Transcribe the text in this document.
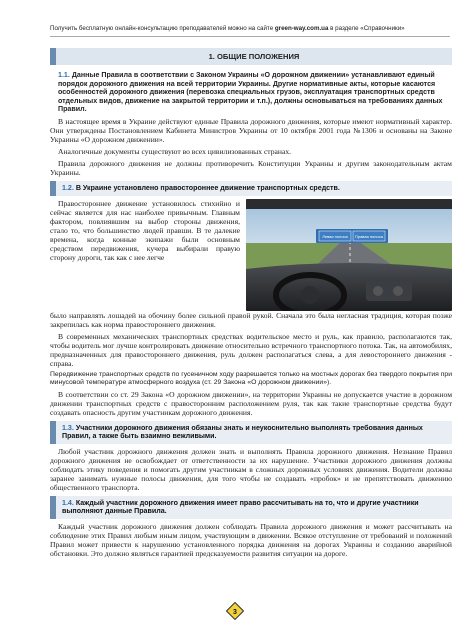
Получить бесплатную онлайн-консультацию преподавателей можно на сайте green-way.com.ua в разделе «Справочники»
1. ОБЩИЕ ПОЛОЖЕНИЯ
1.1. Данные Правила в соответствии с Законом Украины «О дорожном движении» устанавливают единый порядок дорожного движения на всей территории Украины. Другие нормативные акты, которые касаются особенностей дорожного движения (перевозка специальных грузов, эксплуатация транспортных средств отдельных видов, движение на закрытой территории и т.п.), должны основываться на требованиях данных Правил.

В настоящее время в Украине действуют единые Правила дорожного движения, которые имеют нормативный характер. Они утверждены Постановлением Кабинета Министров Украины от 10 октября 2001 года №1306 и основаны на Законе Украины «О дорожном движении».

Аналогичные документы существуют во всех цивилизованных странах.

Правила дорожного движения не должны противоречить Конституции Украины и другим законодательным актам Украины.

1.2. В Украине установлено правостороннее движение транспортных средств.

Правостороннее движение установилось стихийно и сейчас является для нас наиболее привычным. Главным фактором, повлиявшим на выбор стороны движения, стало то, что большинство людей правши. В те далекие времена, когда конные экипажи были основным средством передвижения, кучера выбирали правую сторону дороги, так как с нее легче

Левая полоса Правая полоса

было направлять лошадей на обочину более сильной правой рукой. Сначала это была негласная традиция, которая позже закрепилась как норма правостороннего движения.

В современных механических транспортных средствах водительское место и руль, как правило, располагаются так, чтобы водитель мог лучше контролировать движение относительно встречного транспортного потока. Так, на автомобилях, предназначенных для правостороннего движения, руль должен располагаться слева, а для левостороннего движения - справа.

Передвижение транспортных средств по гусеничном ходу разрешается только на мостных дорогах без твердого покрытия при минусовой температуре атмосферного воздуха (ст. 29 Закона «О дорожном движении»).

В соответствии со ст. 29 Закона «О дорожном движении», на территории Украины не допускается участие в дорожном движении транспортных средств с правосторонним расположением руля, так как такие транспортные средства будут создавать опасность другим участникам дорожного движения.

1.3. Участники дорожного движения обязаны знать и неукоснительно выполнять требования данных Правил, а также быть взаимно вежливыми.

Любой участник дорожного движения должен знать и выполнять Правила дорожного движения. Незнание Правил дорожного движения не освобождает от ответственности за их нарушение. Участники дорожного движения должны соблюдать этику поведения и помогать другим участникам в сложных дорожных условиях движения. Водители должны заранее занимать нужные полосы движения, для того чтобы не создавать «пробок» и не препятствовать движению общественного транспорта.

1.4. Каждый участник дорожного движения имеет право рассчитывать на то, что и другие участники выполняют данные Правила.

Каждый участник дорожного движения должен соблюдать Правила дорожного движения и может рассчитывать на соблюдение этих Правил любым иным лицом, участвующим в движении. Всякое отступление от требований и положений Правил может привести к нарушению установленного порядка движения на дорогах Украины и созданию аварийной обстановки. Это должно являться гарантией предсказуемости развития ситуации на дороге.

3
